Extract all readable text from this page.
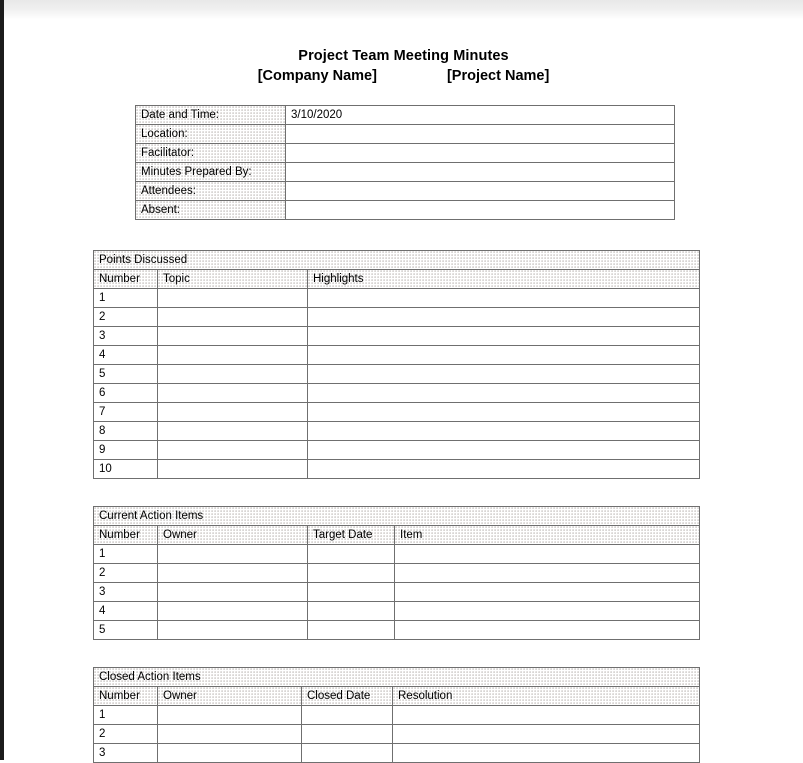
Project Team Meeting Minutes
[Company Name]	[Project Name]
Date and Time:	3/10/2020
Location:	
Facilitator:	
Minutes Prepared By:	
Attendees:	
Absent:	
Points Discussed		
Number	Topic	Highlights
1		
2		
3		
4		
5		
6		
7		
8		
9		
10		
Current Action Items			
Number	Owner	Target Date	Item
1			
2			
3			
4			
5			
Closed Action Items			
Number	Owner	Closed Date	Resolution
1			
2			
3			
